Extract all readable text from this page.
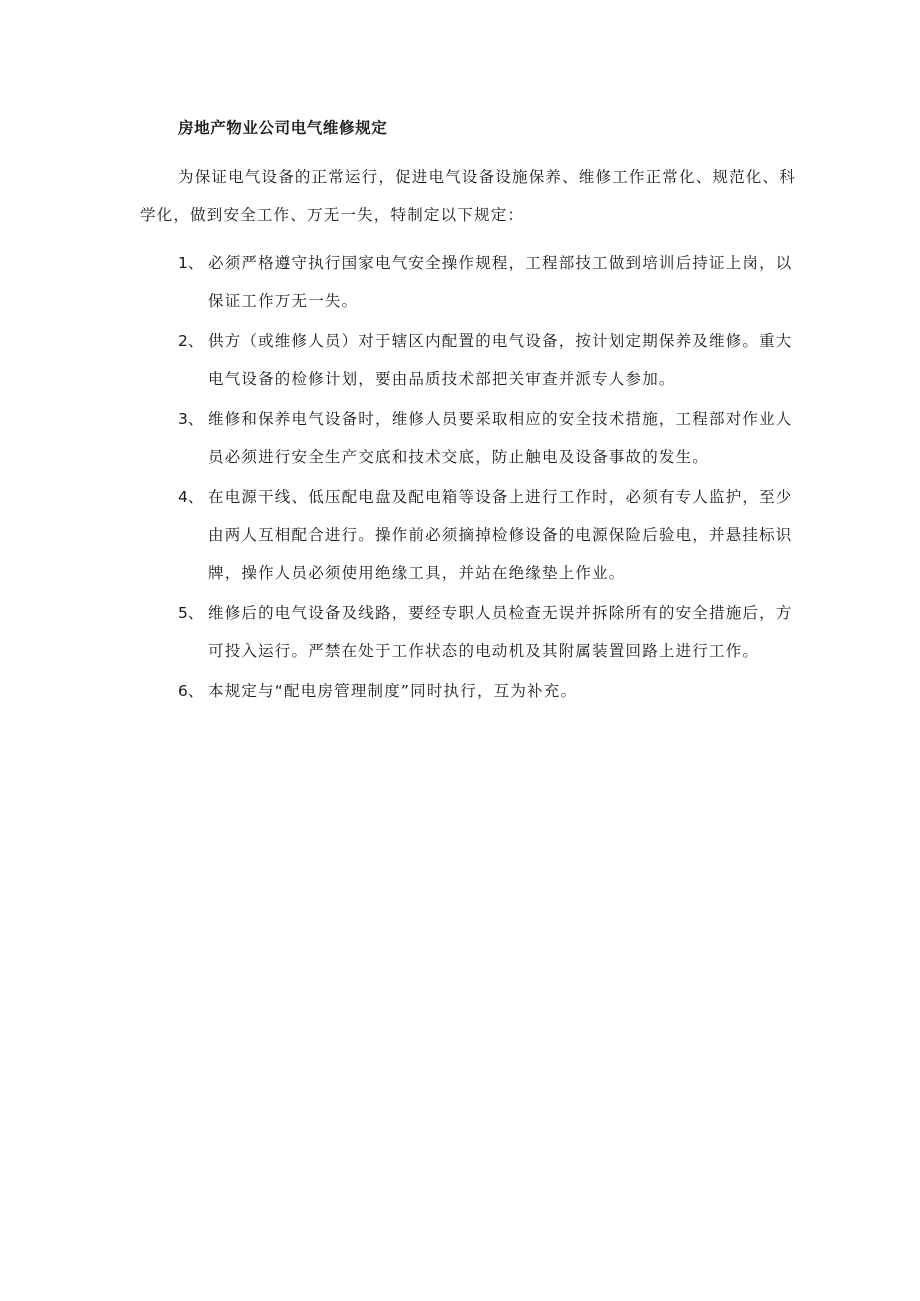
房地产物业公司电气维修规定
为保证电气设备的正常运行，促进电气设备设施保养、维修工作正常化、规范化、科学化，做到安全工作、万无一失，特制定以下规定：
1、 必须严格遵守执行国家电气安全操作规程，工程部技工做到培训后持证上岗，以保证工作万无一失。
2、 供方（或维修人员）对于辖区内配置的电气设备，按计划定期保养及维修。重大电气设备的检修计划，要由品质技术部把关审查并派专人参加。
3、 维修和保养电气设备时，维修人员要采取相应的安全技术措施，工程部对作业人员必须进行安全生产交底和技术交底，防止触电及设备事故的发生。
4、 在电源干线、低压配电盘及配电箱等设备上进行工作时，必须有专人监护，至少由两人互相配合进行。操作前必须摘掉检修设备的电源保险后验电，并悬挂标识牌，操作人员必须使用绝缘工具，并站在绝缘垫上作业。
5、 维修后的电气设备及线路，要经专职人员检查无误并拆除所有的安全措施后，方可投入运行。严禁在处于工作状态的电动机及其附属装置回路上进行工作。
6、 本规定与“配电房管理制度”同时执行，互为补充。
